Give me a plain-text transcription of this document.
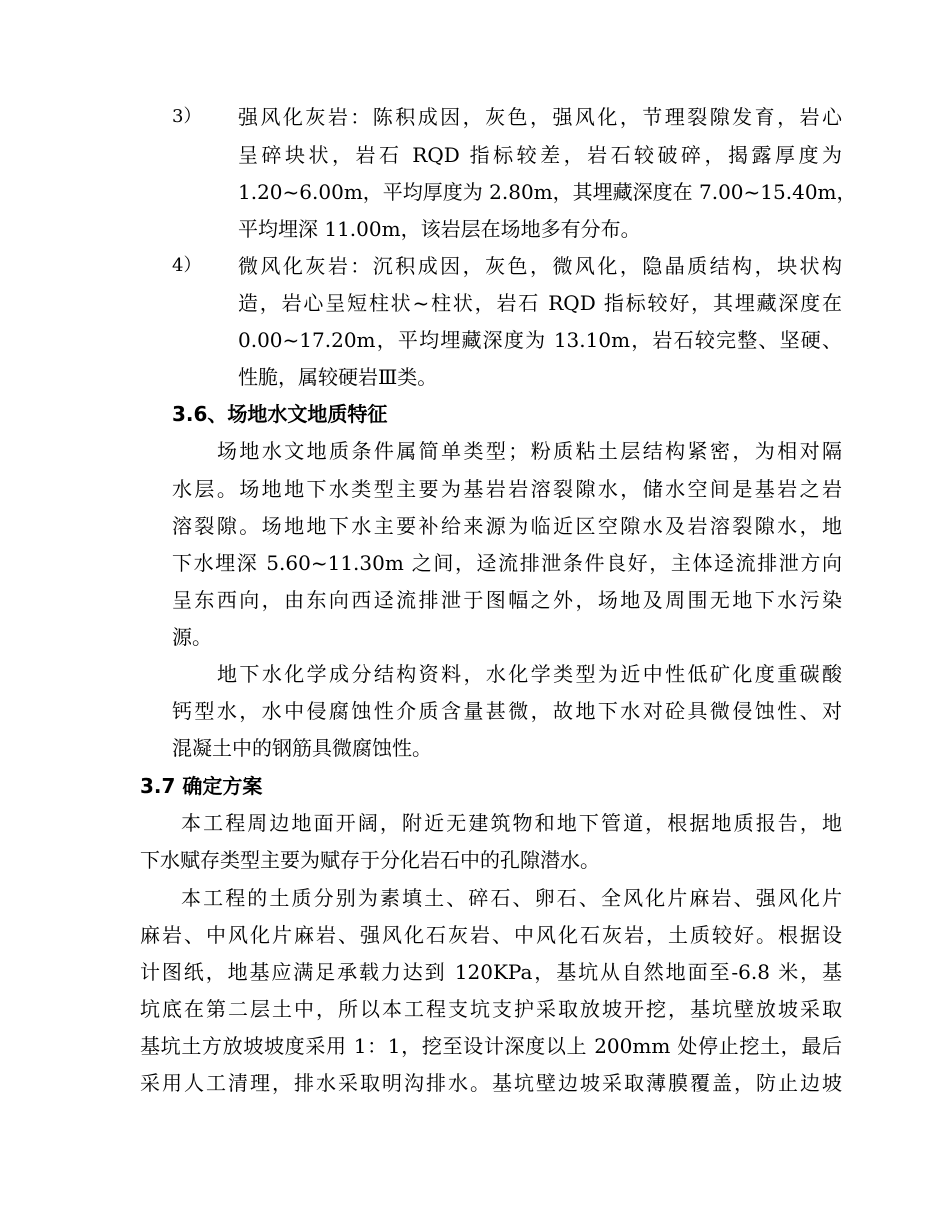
3） 强风化灰岩：陈积成因，灰色，强风化，节理裂隙发育，岩心
呈碎块状，岩石 RQD 指标较差，岩石较破碎，揭露厚度为
1.20~6.00m，平均厚度为 2.80m，其埋藏深度在 7.00~15.40m，
平均埋深 11.00m，该岩层在场地多有分布。
4） 微风化灰岩：沉积成因，灰色，微风化，隐晶质结构，块状构
造，岩心呈短柱状~柱状，岩石 RQD 指标较好，其埋藏深度在
0.00~17.20m，平均埋藏深度为 13.10m，岩石较完整、坚硬、
性脆，属较硬岩Ⅲ类。
3.6、场地水文地质特征
场地水文地质条件属简单类型；粉质粘土层结构紧密，为相对隔
水层。场地地下水类型主要为基岩岩溶裂隙水，储水空间是基岩之岩
溶裂隙。场地地下水主要补给来源为临近区空隙水及岩溶裂隙水，地
下水埋深 5.60~11.30m 之间，迳流排泄条件良好，主体迳流排泄方向
呈东西向，由东向西迳流排泄于图幅之外，场地及周围无地下水污染
源。
地下水化学成分结构资料，水化学类型为近中性低矿化度重碳酸
钙型水，水中侵腐蚀性介质含量甚微，故地下水对砼具微侵蚀性、对
混凝土中的钢筋具微腐蚀性。
3.7 确定方案
本工程周边地面开阔，附近无建筑物和地下管道，根据地质报告，地
下水赋存类型主要为赋存于分化岩石中的孔隙潜水。
本工程的土质分别为素填土、碎石、卵石、全风化片麻岩、强风化片
麻岩、中风化片麻岩、强风化石灰岩、中风化石灰岩，土质较好。根据设
计图纸，地基应满足承载力达到 120KPa，基坑从自然地面至-6.8 米，基
坑底在第二层土中，所以本工程支坑支护采取放坡开挖，基坑壁放坡采取
基坑土方放坡坡度采用 1：1，挖至设计深度以上 200mm 处停止挖土，最后
采用人工清理，排水采取明沟排水。基坑壁边坡采取薄膜覆盖，防止边坡
